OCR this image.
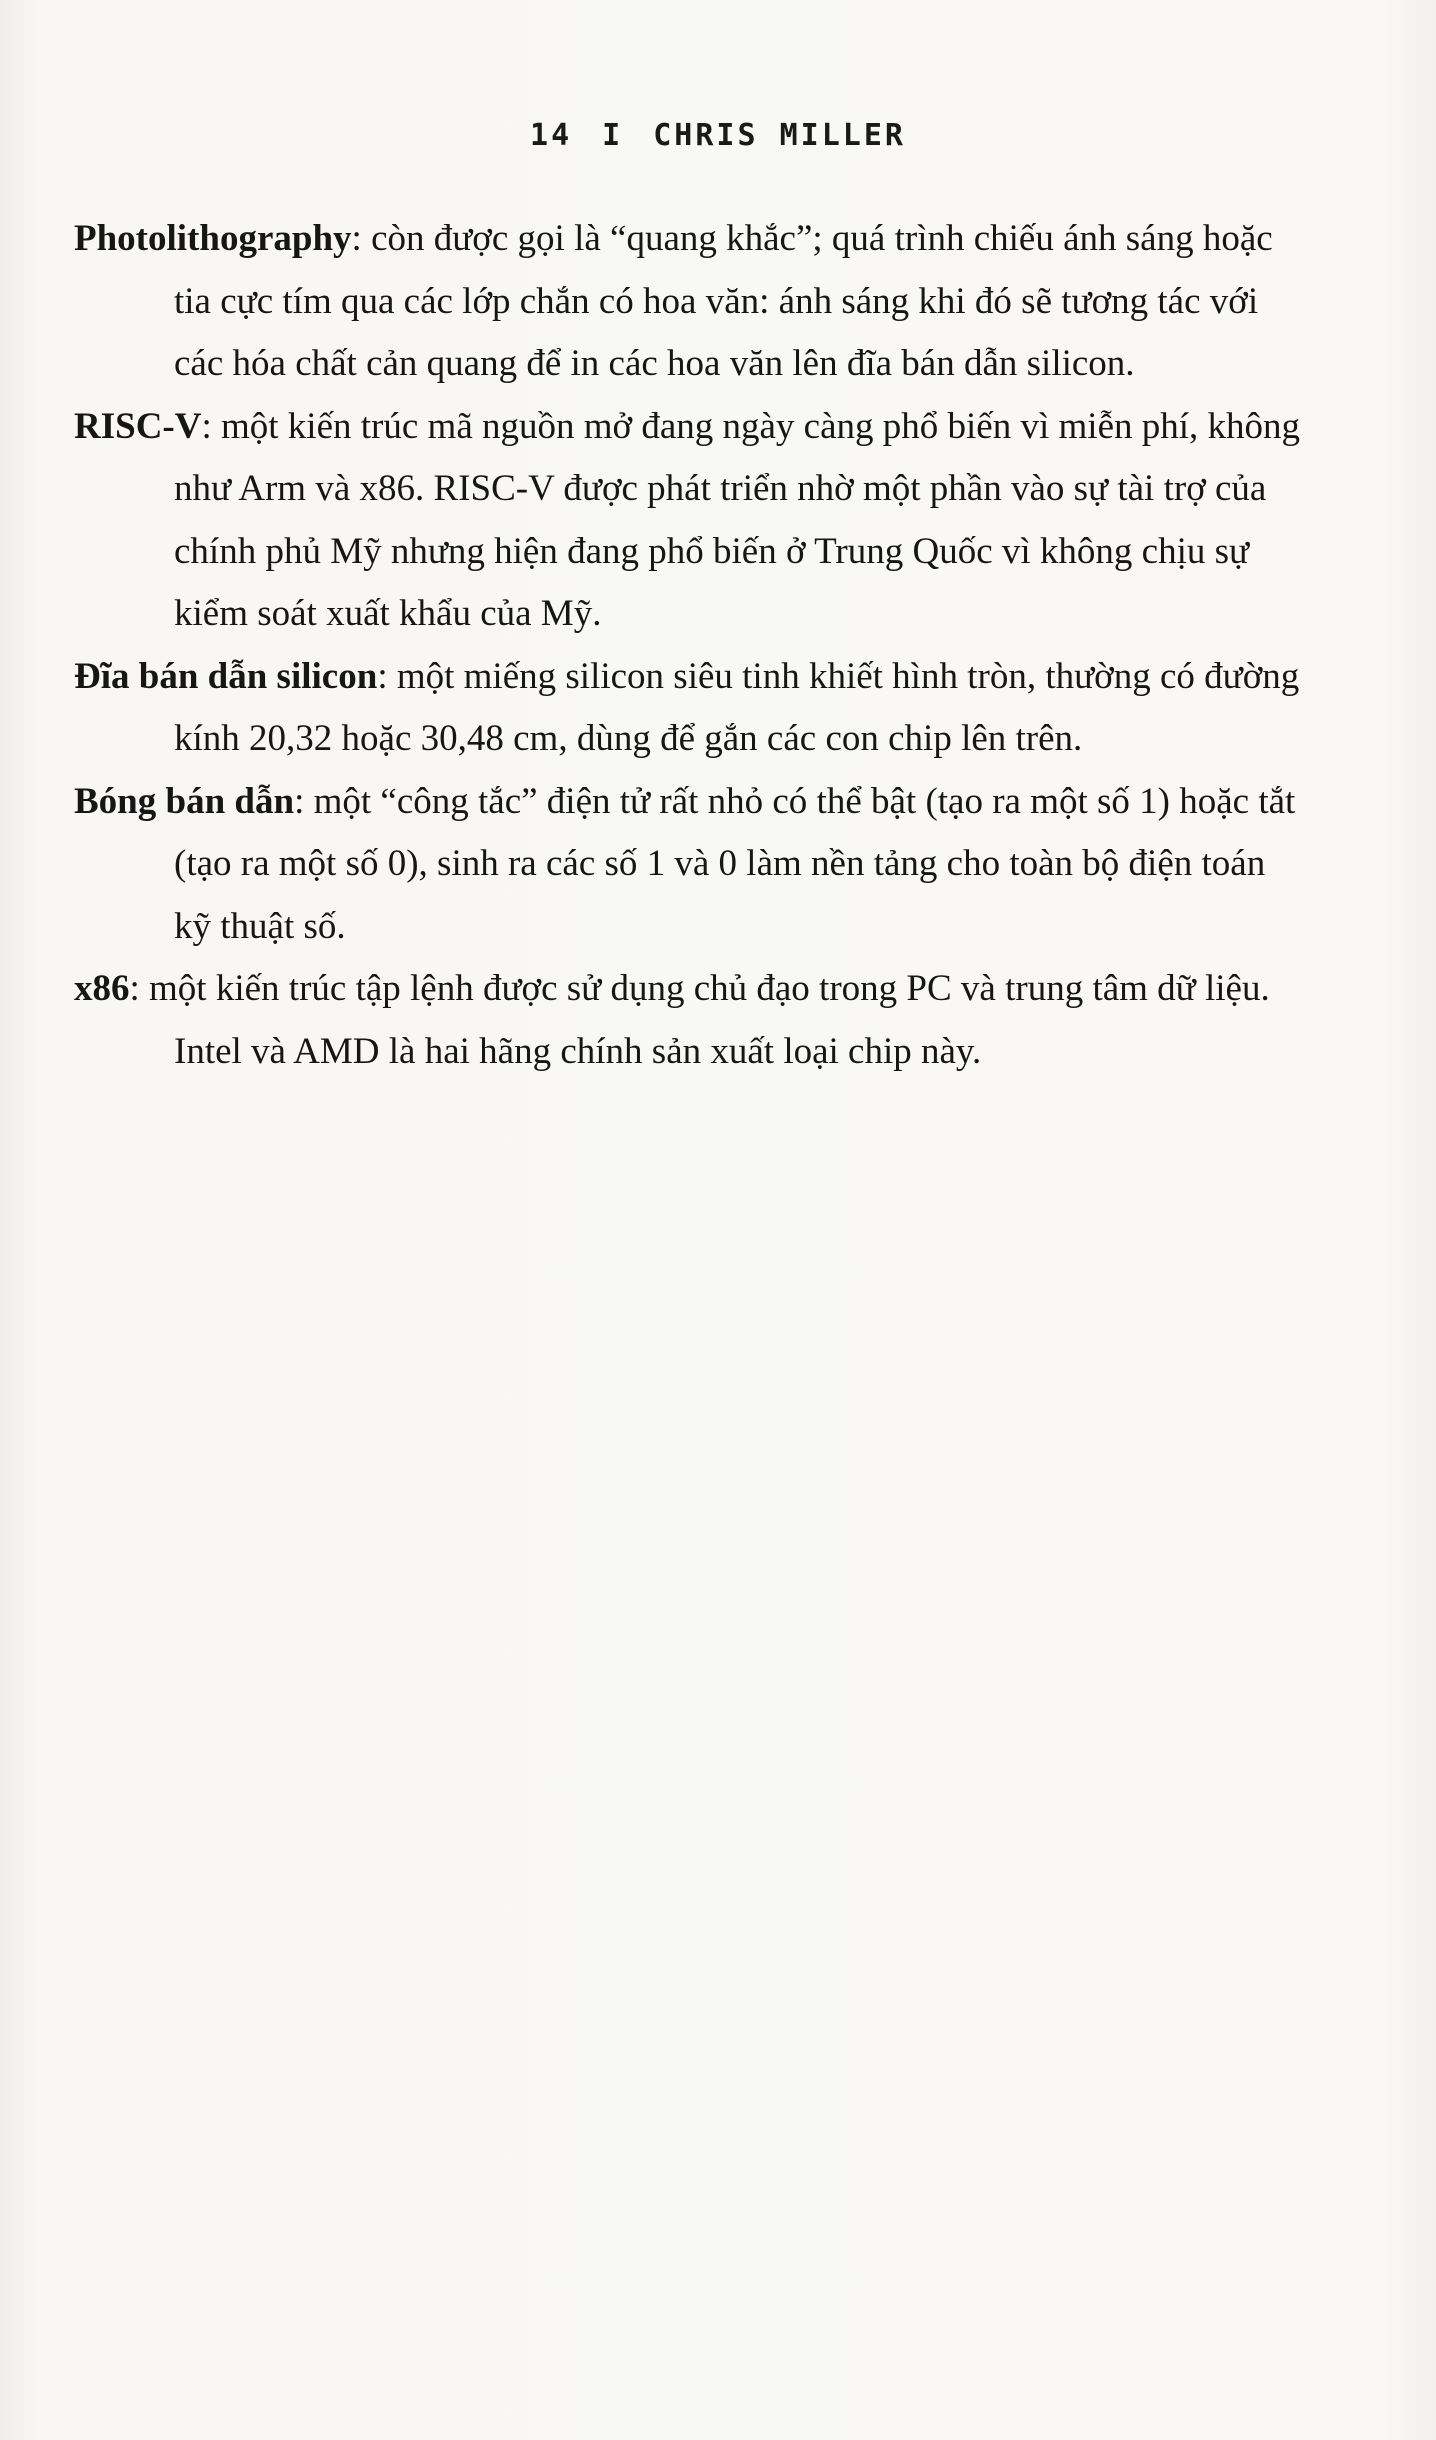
14 I CHRIS MILLER

Photolithography: còn được gọi là “quang khắc”; quá trình chiếu ánh sáng hoặc tia cực tím qua các lớp chắn có hoa văn: ánh sáng khi đó sẽ tương tác với các hóa chất cản quang để in các hoa văn lên đĩa bán dẫn silicon.

RISC-V: một kiến trúc mã nguồn mở đang ngày càng phổ biến vì miễn phí, không như Arm và x86. RISC-V được phát triển nhờ một phần vào sự tài trợ của chính phủ Mỹ nhưng hiện đang phổ biến ở Trung Quốc vì không chịu sự kiểm soát xuất khẩu của Mỹ.

Đĩa bán dẫn silicon: một miếng silicon siêu tinh khiết hình tròn, thường có đường kính 20,32 hoặc 30,48 cm, dùng để gắn các con chip lên trên.

Bóng bán dẫn: một “công tắc” điện tử rất nhỏ có thể bật (tạo ra một số 1) hoặc tắt (tạo ra một số 0), sinh ra các số 1 và 0 làm nền tảng cho toàn bộ điện toán kỹ thuật số.

x86: một kiến trúc tập lệnh được sử dụng chủ đạo trong PC và trung tâm dữ liệu. Intel và AMD là hai hãng chính sản xuất loại chip này.
